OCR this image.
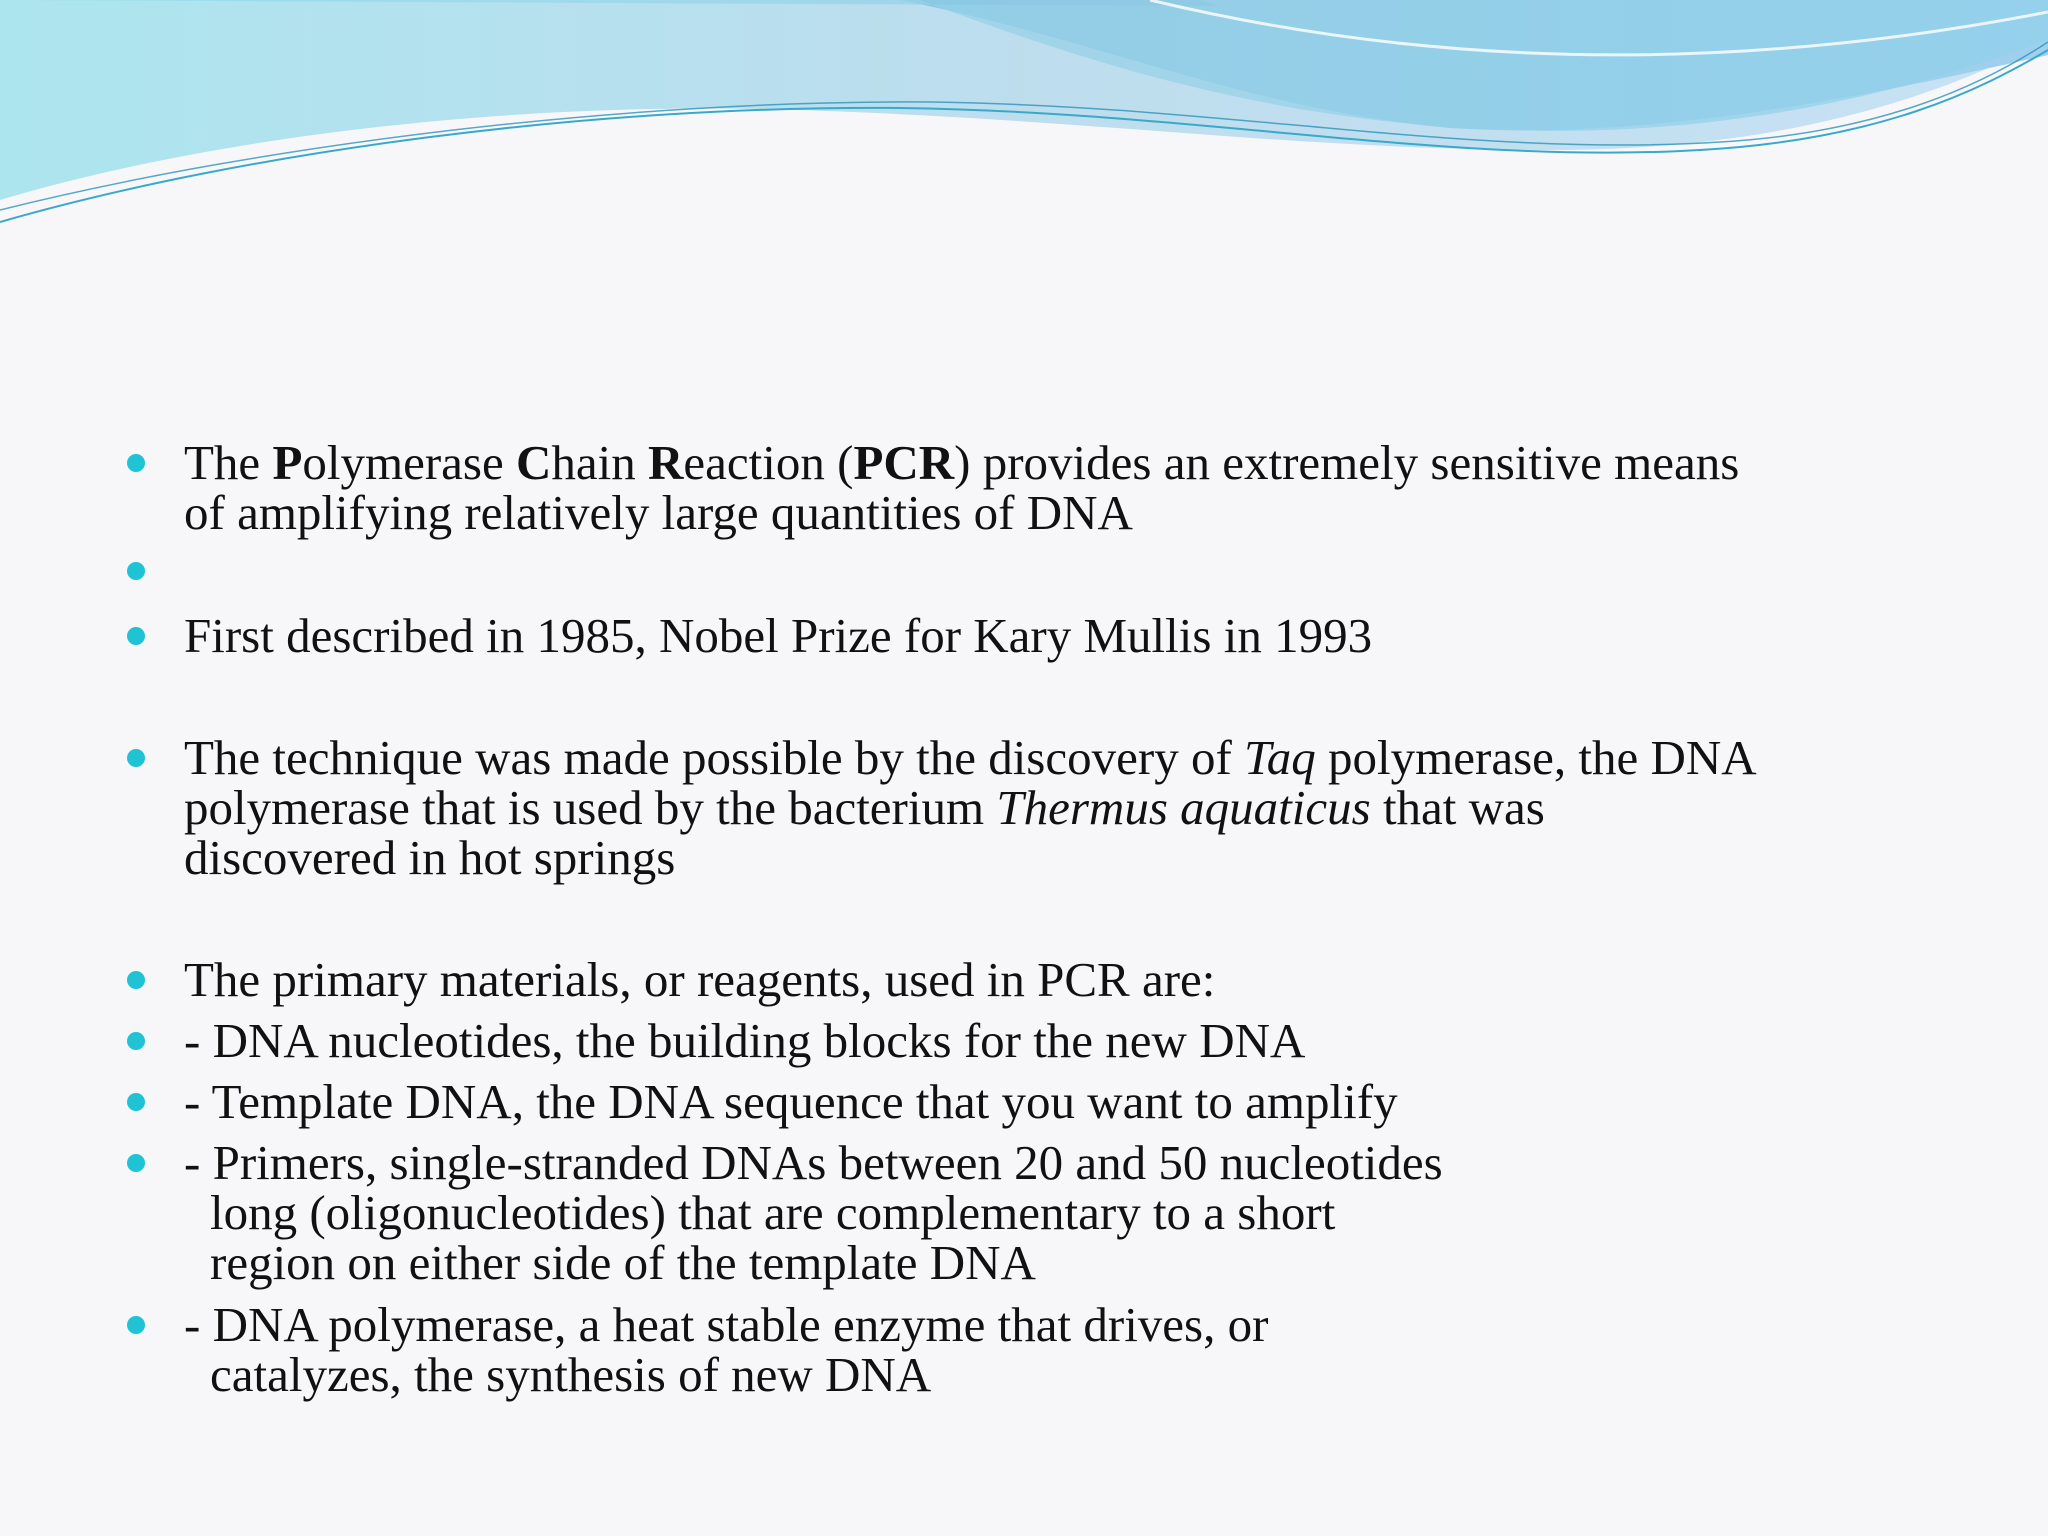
The Polymerase Chain Reaction (PCR) provides an extremely sensitive means
of amplifying relatively large quantities of DNA
First described in 1985, Nobel Prize for Kary Mullis in 1993
The technique was made possible by the discovery of Taq polymerase, the DNA
polymerase that is used by the bacterium Thermus aquaticus that was
discovered in hot springs
The primary materials, or reagents, used in PCR are:
- DNA nucleotides, the building blocks for the new DNA
- Template DNA, the DNA sequence that you want to amplify
- Primers, single-stranded DNAs between 20 and 50 nucleotides
long (oligonucleotides) that are complementary to a short
region on either side of the template DNA
- DNA polymerase, a heat stable enzyme that drives, or
catalyzes, the synthesis of new DNA
